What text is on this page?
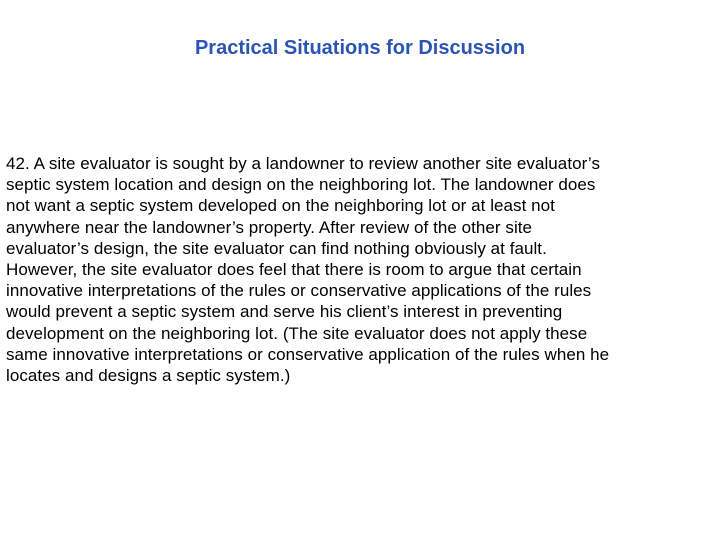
Practical Situations for Discussion

42. A site evaluator is sought by a landowner to review another site evaluator’s
septic system location and design on the neighboring lot. The landowner does
not want a septic system developed on the neighboring lot or at least not
anywhere near the landowner’s property. After review of the other site
evaluator’s design, the site evaluator can find nothing obviously at fault.
However, the site evaluator does feel that there is room to argue that certain
innovative interpretations of the rules or conservative applications of the rules
would prevent a septic system and serve his client’s interest in preventing
development on the neighboring lot. (The site evaluator does not apply these
same innovative interpretations or conservative application of the rules when he
locates and designs a septic system.)
